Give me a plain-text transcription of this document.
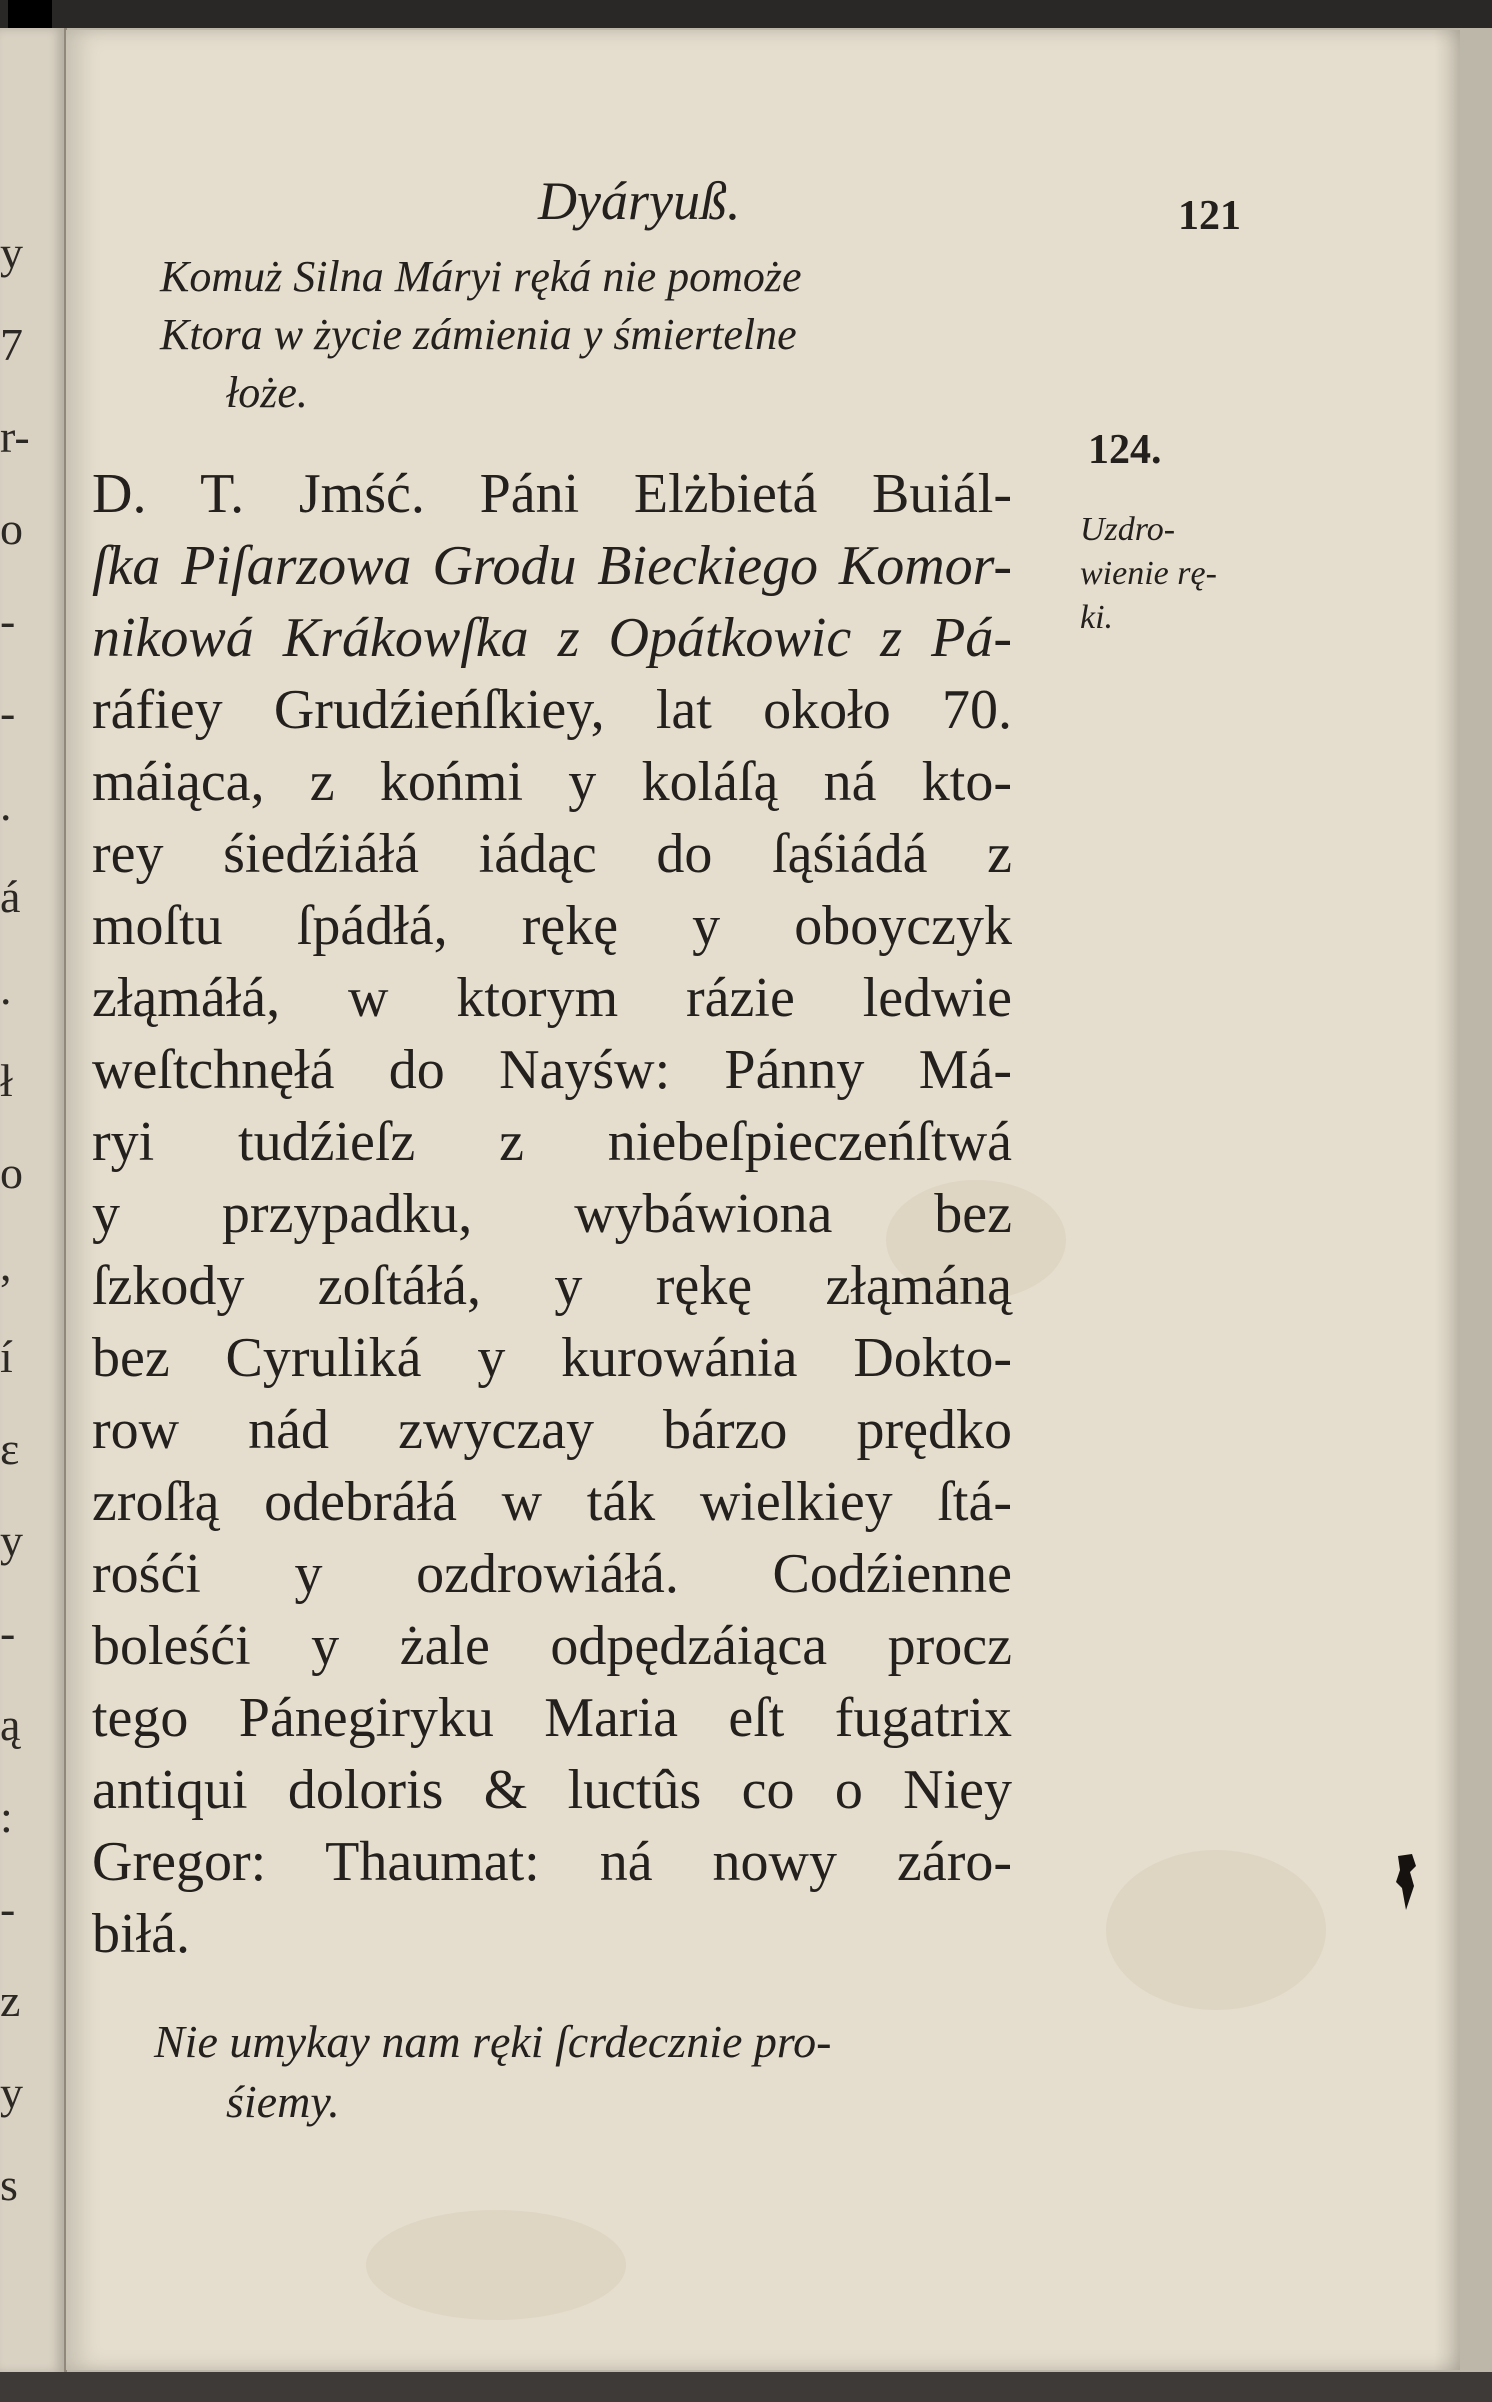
y
7
r-
o
-
-
.
á
.
ł
o
,
í
ɛ
y
-
ą
:
-
z
y
s
Dyáryuß.	121
Komuż Silna Máryi ręká nie pomoże
Ktora w życie zámienia y śmiertelne
łoże.
124.
Uzdro-
wienie rę-
ki.
D. T. Jmść. Páni Elżbietá Buiál-
ſka Piſarzowa Grodu Bieckiego Komor-
nikowá Krákowſka z Opátkowic z Pá-
ráfiey Grudźieńſkiey, lat około 70.
máiąca, z końmi y koláſą ná kto-
rey śiedźiáłá iádąc do ſąśiádá z
moſtu ſpádłá, rękę y oboyczyk
złąmáłá, w ktorym rázie ledwie
weſtchnęłá do Nayśw: Pánny Má-
ryi tudźieſz z niebeſpieczeńſtwá
y przypadku, wybáwiona bez
ſzkody zoſtáłá, y rękę złąmáną
bez Cyruliká y kurowánia Dokto-
row nád zwyczay bárzo prędko
zroſłą odebráłá w ták wielkiey ſtá-
rośći y ozdrowiáłá. Codźienne
boleśći y żale odpędzáiąca procz
tego Pánegiryku Maria eſt fugatrix
antiqui doloris & luctûs co o Niey
Gregor: Thaumat: ná nowy záro-
biłá.
Nie umykay nam ręki ſcrdecznie pro-
śiemy.
